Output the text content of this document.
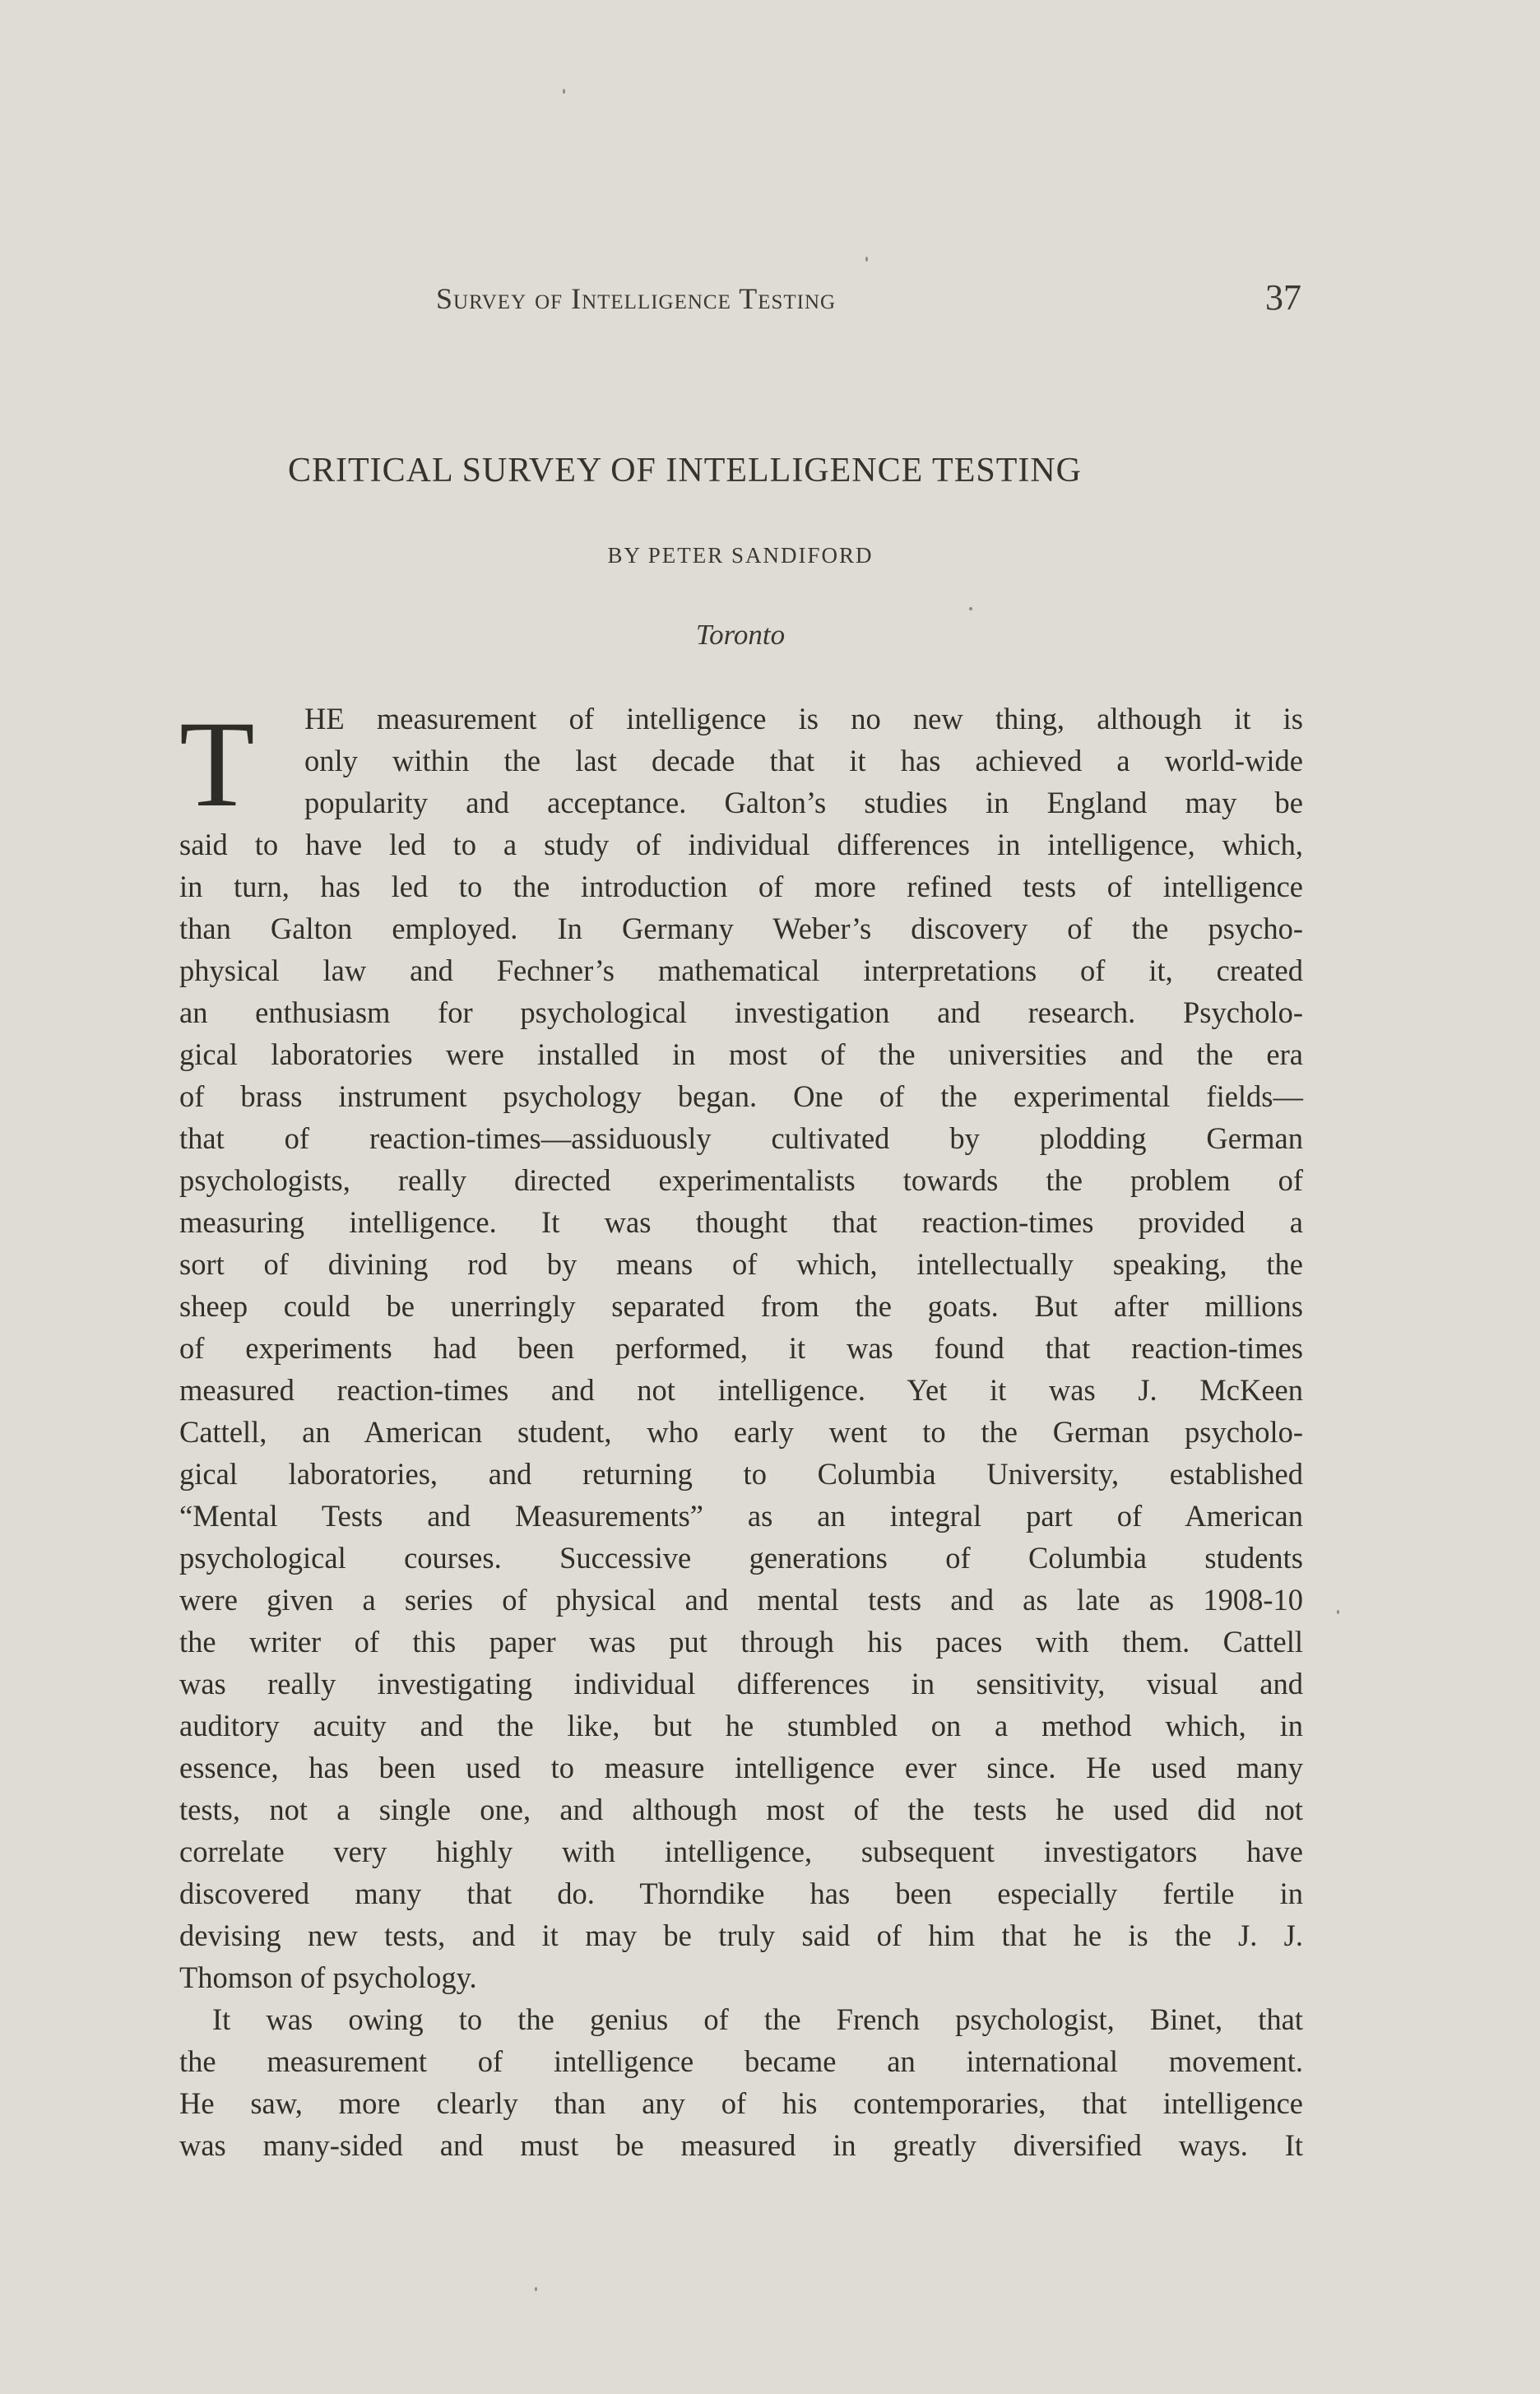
Survey of Intelligence Testing	37
CRITICAL SURVEY OF INTELLIGENCE TESTING
BY PETER SANDIFORD
Toronto
T HE measurement of intelligence is no new thing, although it is
only within the last decade that it has achieved a world-wide
popularity and acceptance. Galton’s studies in England may be
said to have led to a study of individual differences in intelligence, which,
in turn, has led to the introduction of more refined tests of intelligence
than Galton employed. In Germany Weber’s discovery of the psycho-
physical law and Fechner’s mathematical interpretations of it, created
an enthusiasm for psychological investigation and research. Psycholo-
gical laboratories were installed in most of the universities and the era
of brass instrument psychology began. One of the experimental fields—
that of reaction-times—assiduously cultivated by plodding German
psychologists, really directed experimentalists towards the problem of
measuring intelligence. It was thought that reaction-times provided a
sort of divining rod by means of which, intellectually speaking, the
sheep could be unerringly separated from the goats. But after millions
of experiments had been performed, it was found that reaction-times
measured reaction-times and not intelligence. Yet it was J. McKeen
Cattell, an American student, who early went to the German psycholo-
gical laboratories, and returning to Columbia University, established
“Mental Tests and Measurements” as an integral part of American
psychological courses. Successive generations of Columbia students
were given a series of physical and mental tests and as late as 1908-10
the writer of this paper was put through his paces with them. Cattell
was really investigating individual differences in sensitivity, visual and
auditory acuity and the like, but he stumbled on a method which, in
essence, has been used to measure intelligence ever since. He used many
tests, not a single one, and although most of the tests he used did not
correlate very highly with intelligence, subsequent investigators have
discovered many that do. Thorndike has been especially fertile in
devising new tests, and it may be truly said of him that he is the J. J.
Thomson of psychology.
It was owing to the genius of the French psychologist, Binet, that
the measurement of intelligence became an international movement.
He saw, more clearly than any of his contemporaries, that intelligence
was many-sided and must be measured in greatly diversified ways. It
